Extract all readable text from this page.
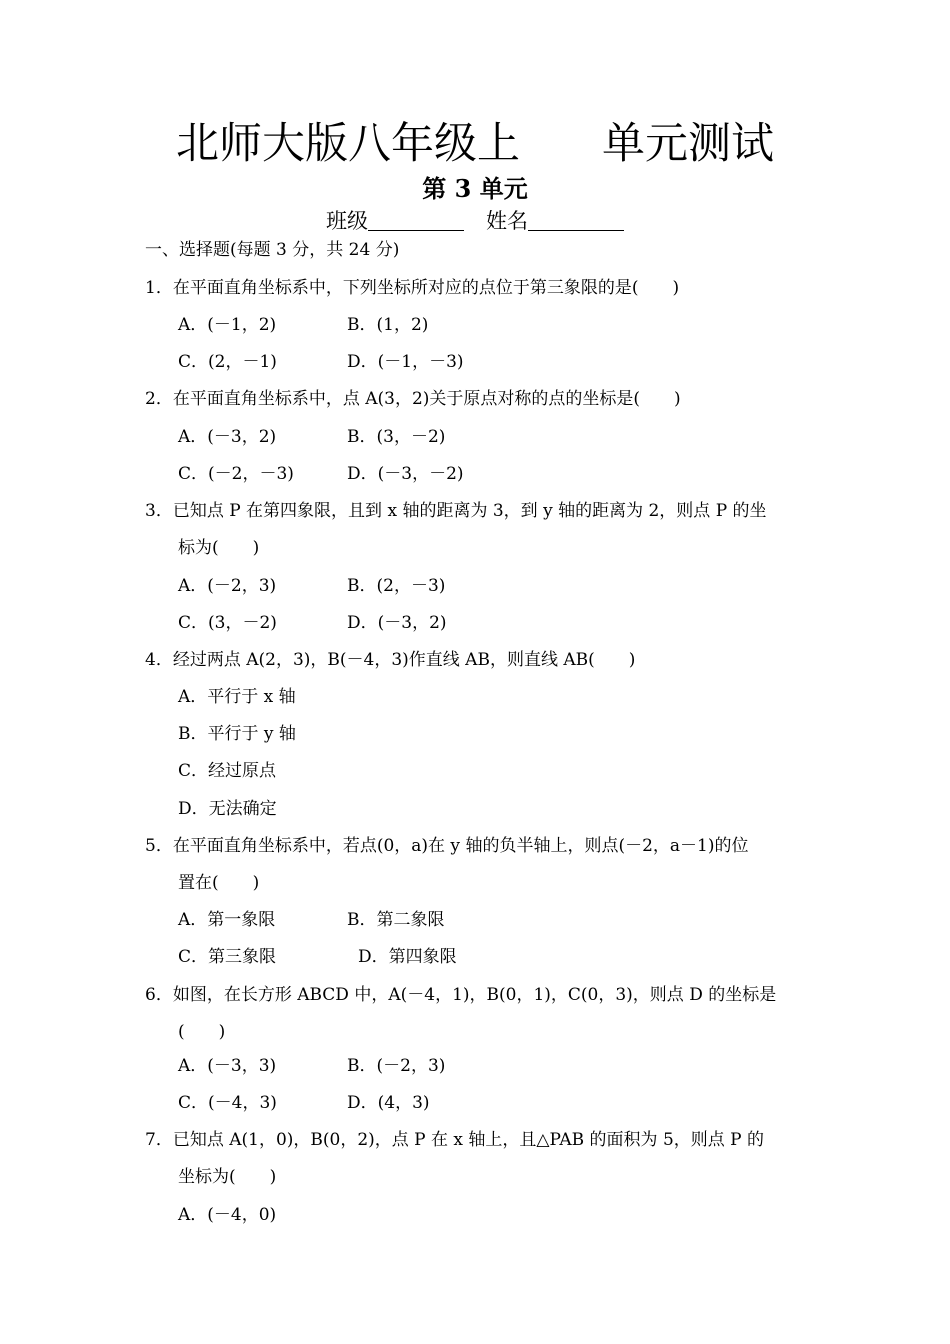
北师大版八年级上      单元测试
第 3 单元
班级	姓名
一、选择题(每题 3 分，共 24 分)
1．在平面直角坐标系中，下列坐标所对应的点位于第三象限的是(　　)
A．(－1，2)	B．(1，2)
C．(2，－1)	D．(－1，－3)
2．在平面直角坐标系中，点 A(3，2)关于原点对称的点的坐标是(　　)
A．(－3，2)	B．(3，－2)
C．(－2，－3)	D．(－3，－2)
3．已知点 P 在第四象限，且到 x 轴的距离为 3，到 y 轴的距离为 2，则点 P 的坐
标为(　　)
A．(－2，3)	B．(2，－3)
C．(3，－2)	D．(－3，2)
4．经过两点 A(2，3)，B(－4，3)作直线 AB，则直线 AB(　　)
A．平行于 x 轴
B．平行于 y 轴
C．经过原点
D．无法确定
5．在平面直角坐标系中，若点(0，a)在 y 轴的负半轴上，则点(－2，a－1)的位
置在(　　)
A．第一象限	B．第二象限
C．第三象限	D．第四象限
6．如图，在长方形 ABCD 中，A(－4，1)，B(0，1)，C(0，3)，则点 D 的坐标是
(　　)
A．(－3，3)	B．(－2，3)
C．(－4，3)	D．(4，3)
7．已知点 A(1，0)，B(0，2)，点 P 在 x 轴上，且△PAB 的面积为 5，则点 P 的
坐标为(　　)
A．(－4，0)
